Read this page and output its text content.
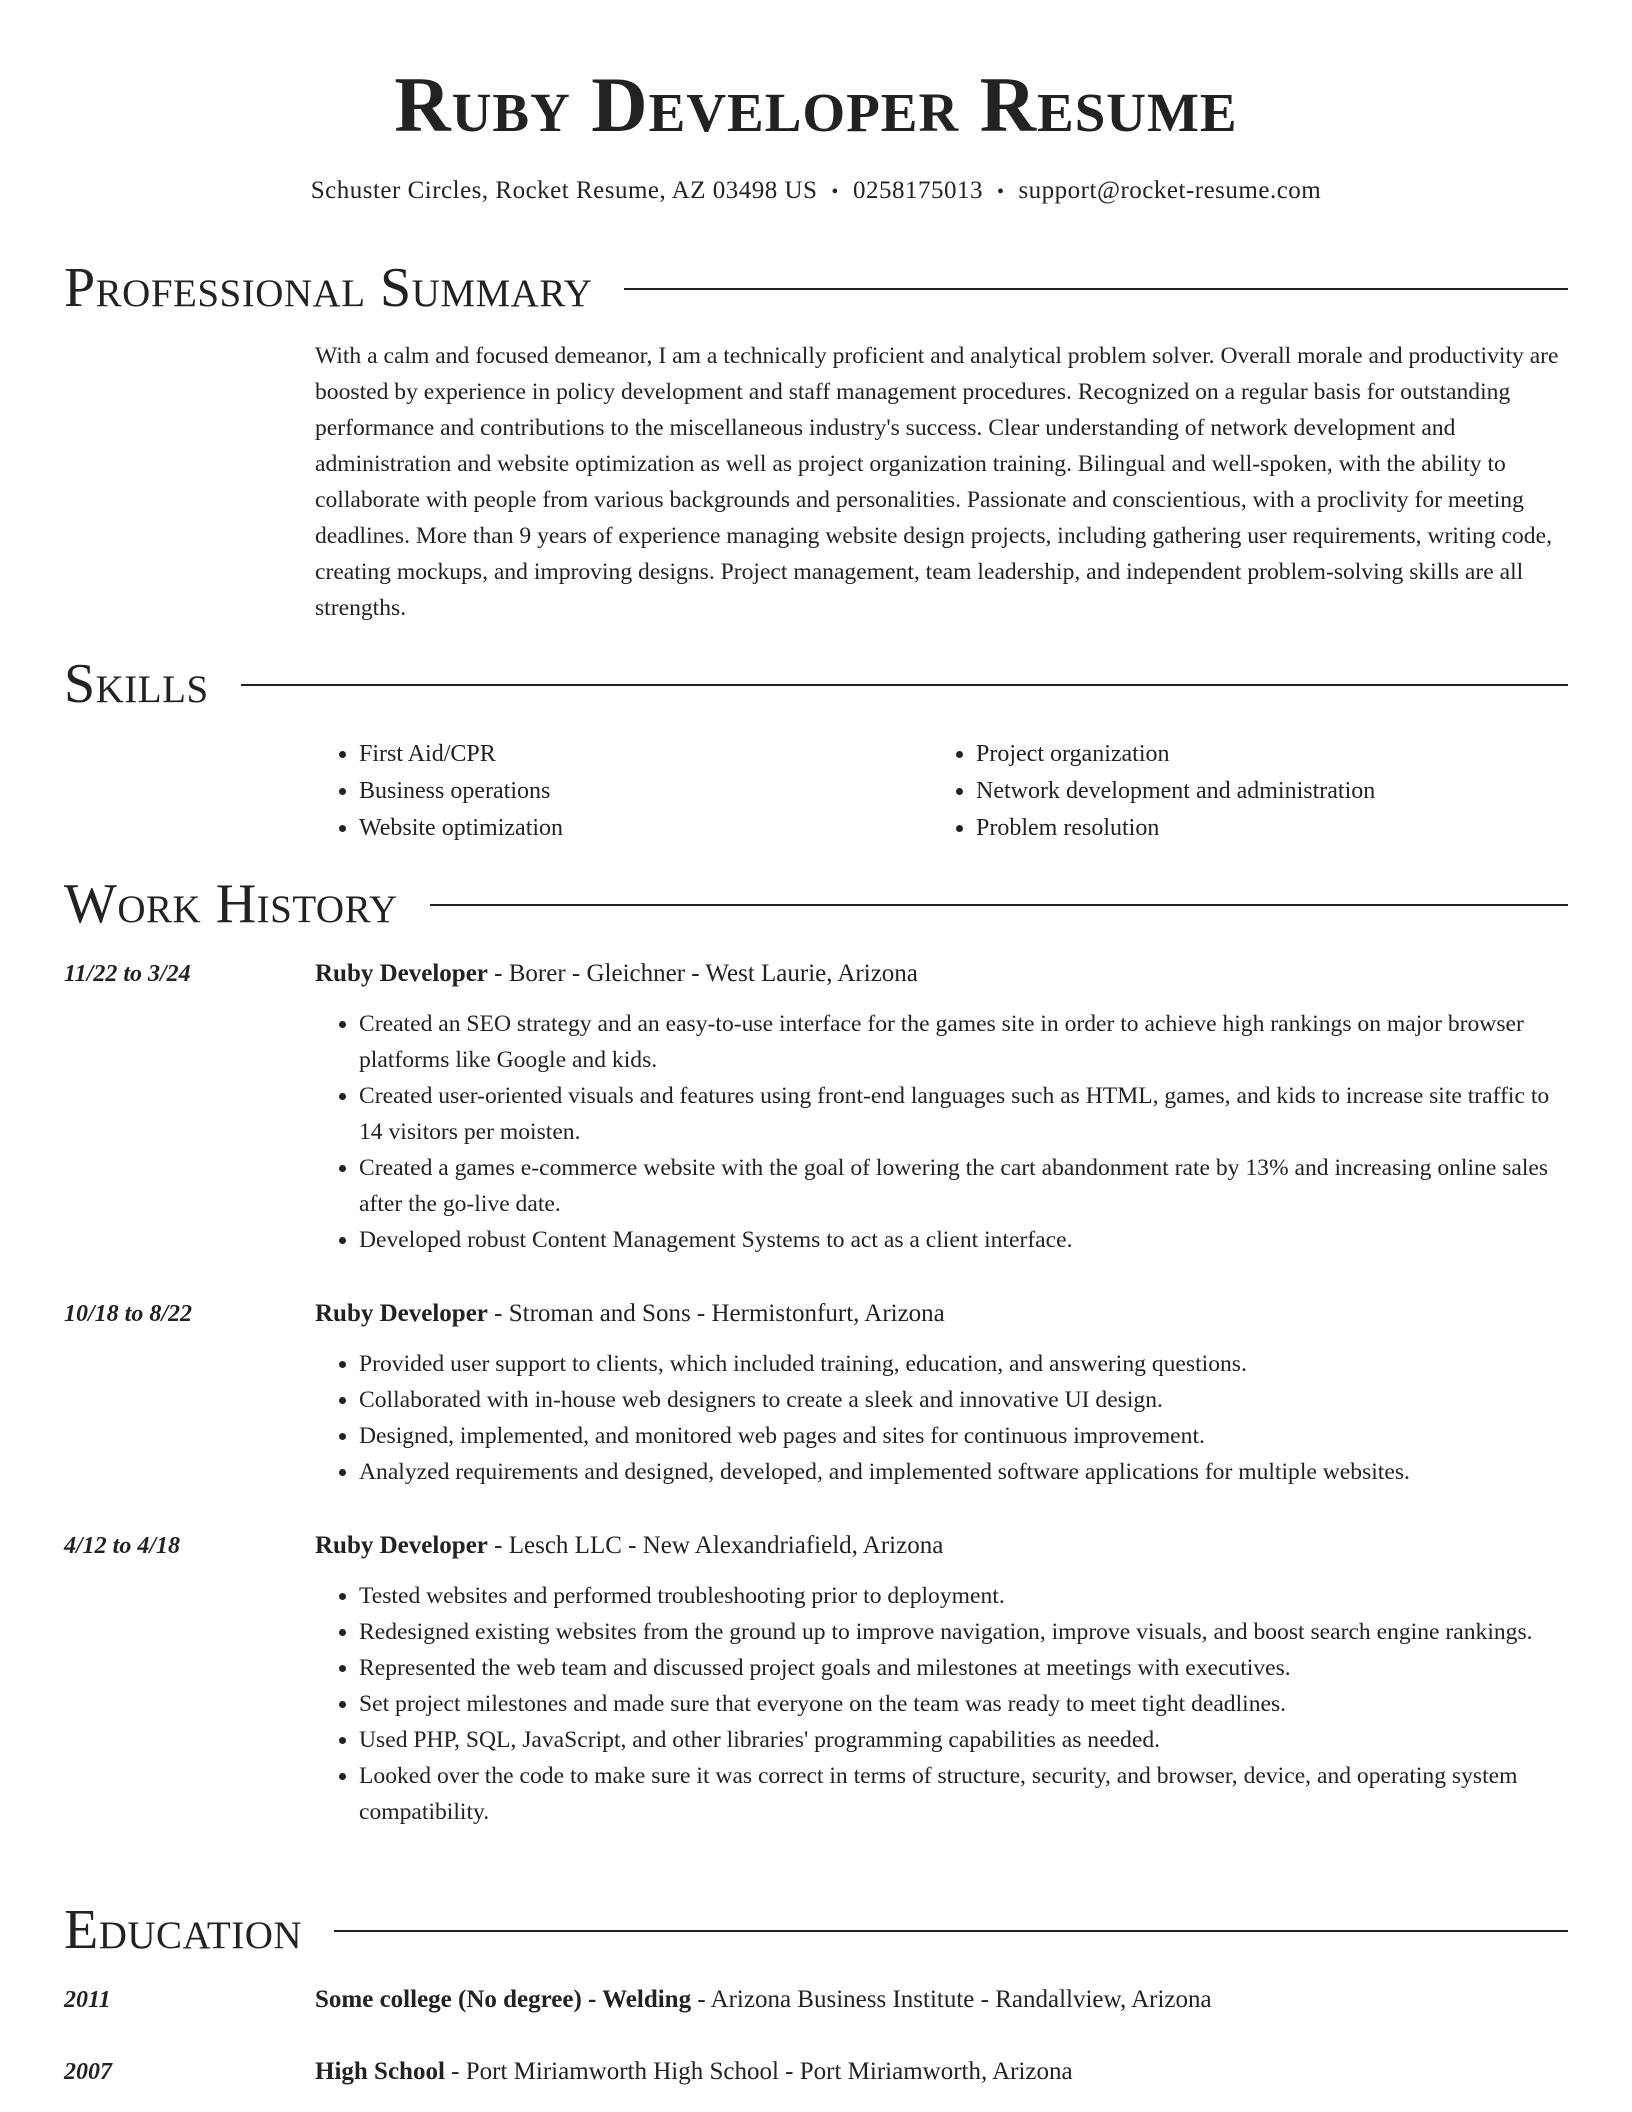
Ruby Developer Resume
Schuster Circles, Rocket Resume, AZ 03498 US • 0258175013 • support@rocket-resume.com
Professional Summary

With a calm and focused demeanor, I am a technically proficient and analytical problem solver. Overall morale and productivity are boosted by experience in policy development and staff management procedures. Recognized on a regular basis for outstanding performance and contributions to the miscellaneous industry's success. Clear understanding of network development and administration and website optimization as well as project organization training. Bilingual and well-spoken, with the ability to collaborate with people from various backgrounds and personalities. Passionate and conscientious, with a proclivity for meeting deadlines. More than 9 years of experience managing website design projects, including gathering user requirements, writing code, creating mockups, and improving designs. Project management, team leadership, and independent problem-solving skills are all strengths.

Skills
• First Aid/CPR
• Business operations
• Website optimization
• Project organization
• Network development and administration
• Problem resolution
Work History
11/22 to 3/24	Ruby Developer - Borer - Gleichner - West Laurie, Arizona
• Created an SEO strategy and an easy-to-use interface for the games site in order to achieve high rankings on major browser platforms like Google and kids.
• Created user-oriented visuals and features using front-end languages such as HTML, games, and kids to increase site traffic to 14 visitors per moisten.
• Created a games e-commerce website with the goal of lowering the cart abandonment rate by 13% and increasing online sales after the go-live date.
• Developed robust Content Management Systems to act as a client interface.
10/18 to 8/22	Ruby Developer - Stroman and Sons - Hermistonfurt, Arizona
• Provided user support to clients, which included training, education, and answering questions.
• Collaborated with in-house web designers to create a sleek and innovative UI design.
• Designed, implemented, and monitored web pages and sites for continuous improvement.
• Analyzed requirements and designed, developed, and implemented software applications for multiple websites.
4/12 to 4/18	Ruby Developer - Lesch LLC - New Alexandriafield, Arizona
• Tested websites and performed troubleshooting prior to deployment.
• Redesigned existing websites from the ground up to improve navigation, improve visuals, and boost search engine rankings.
• Represented the web team and discussed project goals and milestones at meetings with executives.
• Set project milestones and made sure that everyone on the team was ready to meet tight deadlines.
• Used PHP, SQL, JavaScript, and other libraries' programming capabilities as needed.
• Looked over the code to make sure it was correct in terms of structure, security, and browser, device, and operating system compatibility.
Education
2011	Some college (No degree) - Welding - Arizona Business Institute - Randallview, Arizona
2007	High School - Port Miriamworth High School - Port Miriamworth, Arizona
